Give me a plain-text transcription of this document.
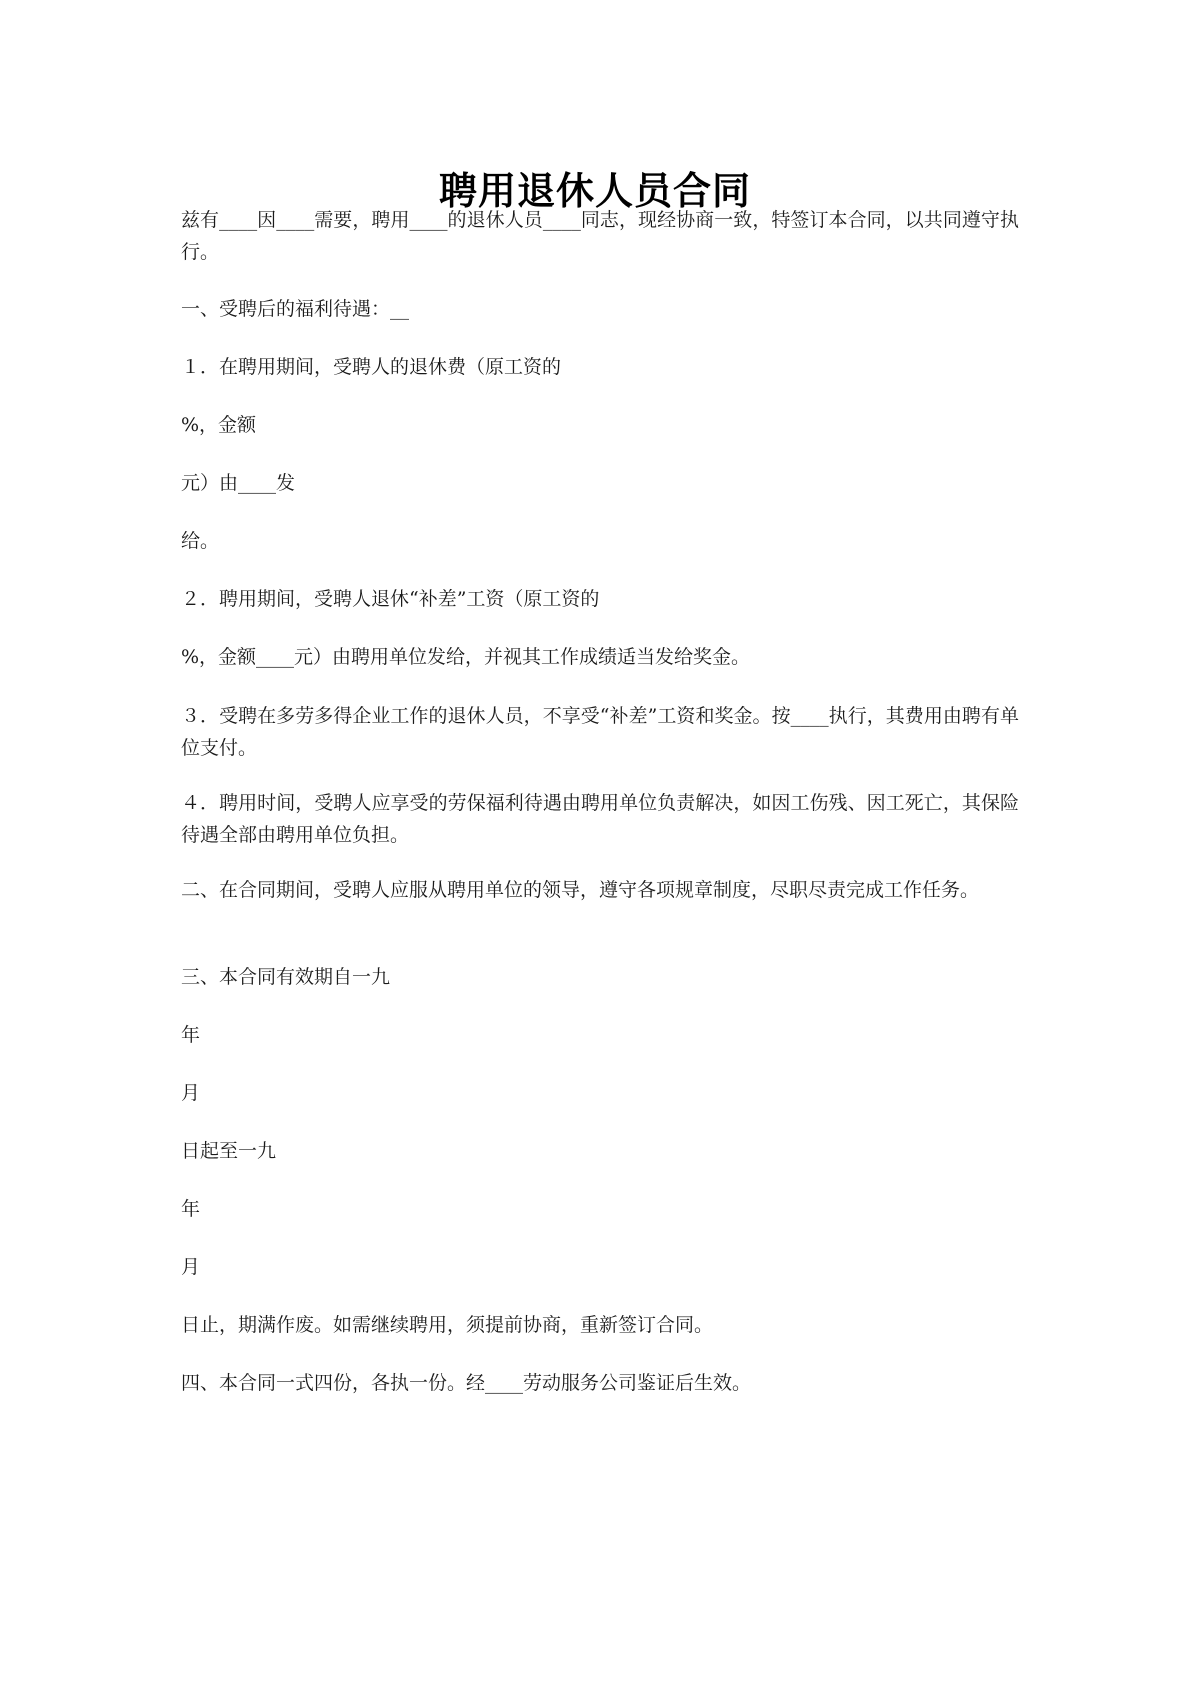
聘用退休人员合同
兹有____因____需要，聘用____的退休人员____同志，现经协商一致，特签订本合同，以共同遵守执行。
一、受聘后的福利待遇：__
１．在聘用期间，受聘人的退休费（原工资的
%，金额
元）由____发
给。
２．聘用期间，受聘人退休“补差”工资（原工资的
%，金额____元）由聘用单位发给，并视其工作成绩适当发给奖金。
３．受聘在多劳多得企业工作的退休人员，不享受“补差”工资和奖金。按____执行，其费用由聘有单位支付。
４．聘用时间，受聘人应享受的劳保福利待遇由聘用单位负责解决，如因工伤残、因工死亡，其保险待遇全部由聘用单位负担。
二、在合同期间，受聘人应服从聘用单位的领导，遵守各项规章制度，尽职尽责完成工作任务。
三、本合同有效期自一九
年
月
日起至一九
年
月
日止，期满作废。如需继续聘用，须提前协商，重新签订合同。
四、本合同一式四份，各执一份。经____劳动服务公司鉴证后生效。
